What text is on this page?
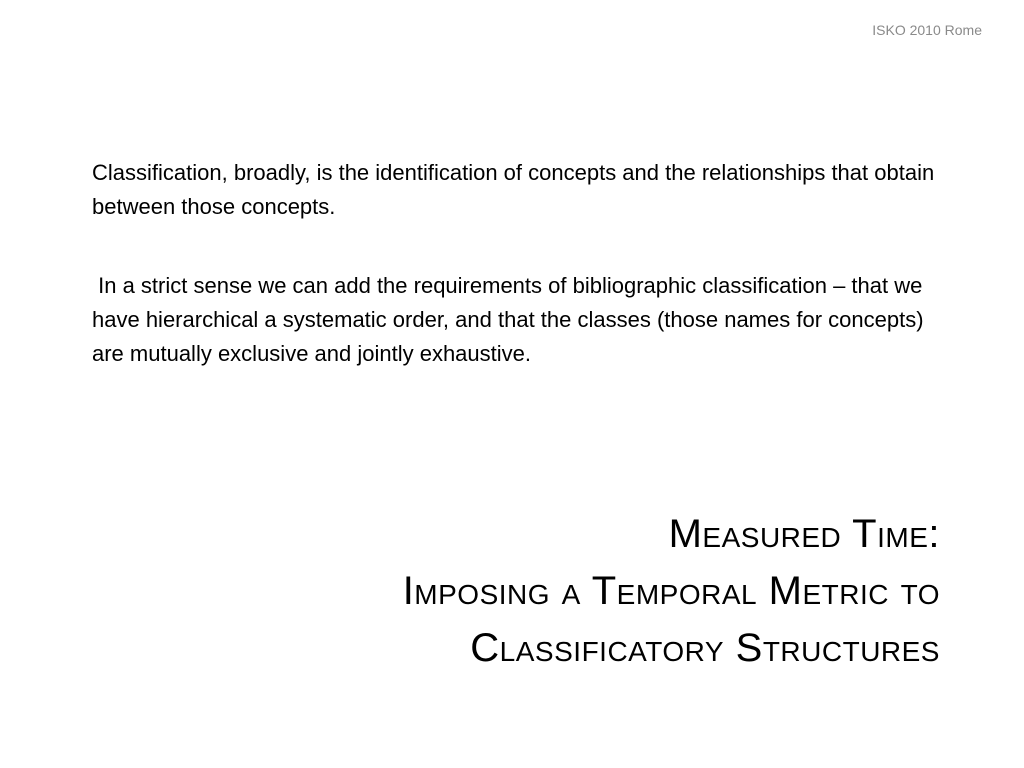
ISKO 2010 Rome

Classification, broadly, is the identification of concepts and the relationships that obtain between those concepts.

In a strict sense we can add the requirements of bibliographic classification – that we have hierarchical a systematic order, and that the classes (those names for concepts) are mutually exclusive and jointly exhaustive.

Measured Time:
Imposing a Temporal Metric to
Classificatory Structures
